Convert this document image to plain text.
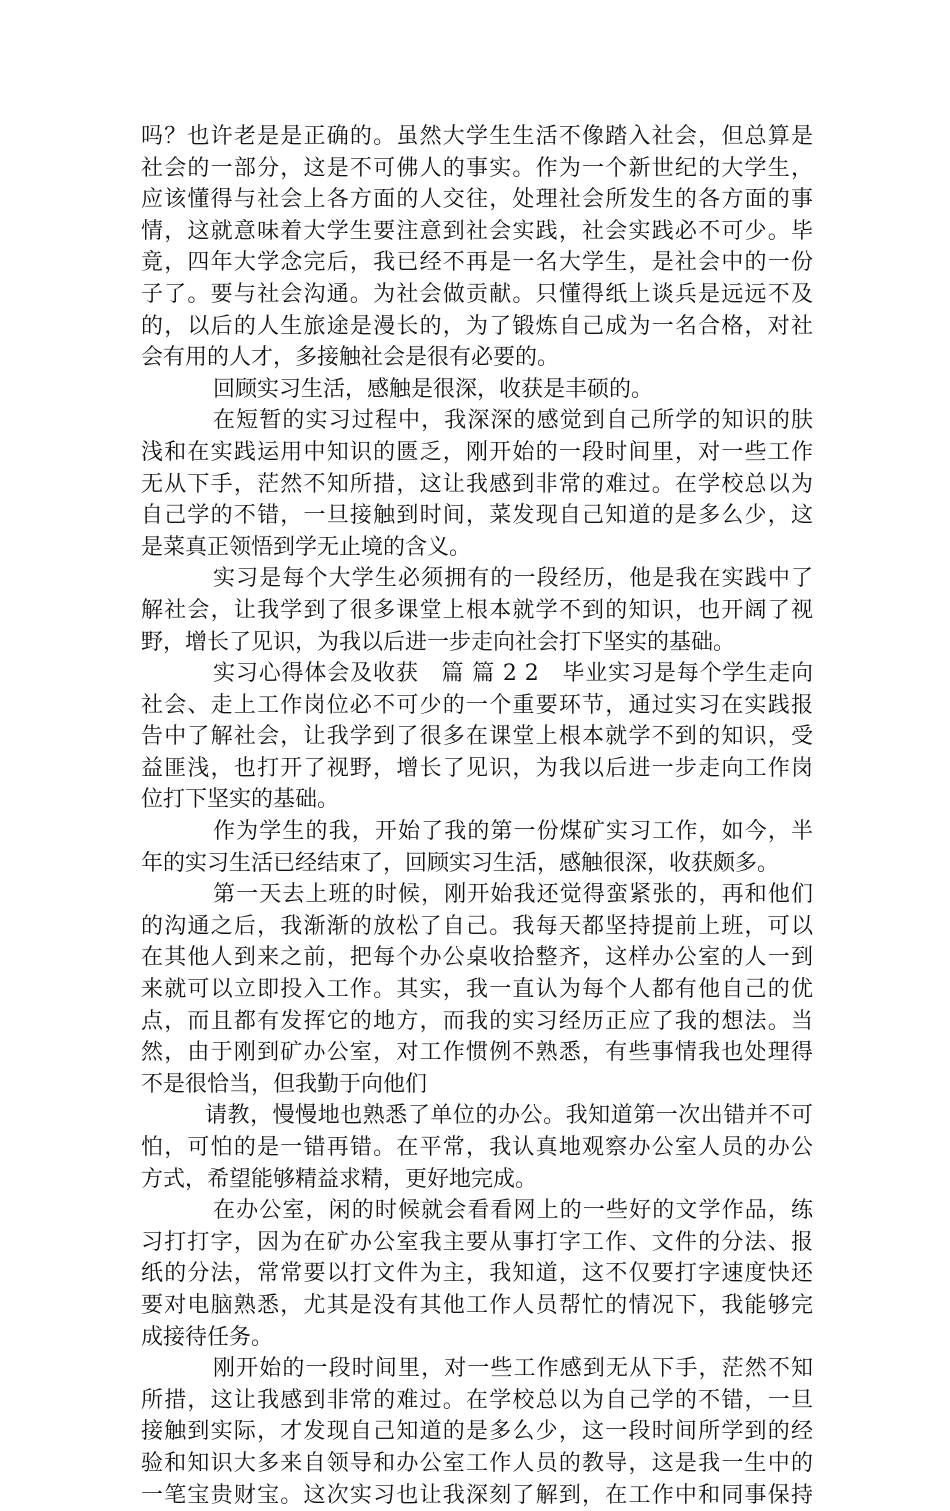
吗？也许老是是正确的。虽然大学生生活不像踏入社会，但总算是
社会的一部分，这是不可佛人的事实。作为一个新世纪的大学生，
应该懂得与社会上各方面的人交往，处理社会所发生的各方面的事
情，这就意味着大学生要注意到社会实践，社会实践必不可少。毕
竟，四年大学念完后，我已经不再是一名大学生，是社会中的一份
子了。要与社会沟通。为社会做贡献。只懂得纸上谈兵是远远不及
的，以后的人生旅途是漫长的，为了锻炼自己成为一名合格，对社
会有用的人才，多接触社会是很有必要的。
回顾实习生活，感触是很深，收获是丰硕的。
在短暂的实习过程中，我深深的感觉到自己所学的知识的肤
浅和在实践运用中知识的匮乏，刚开始的一段时间里，对一些工作
无从下手，茫然不知所措，这让我感到非常的难过。在学校总以为
自己学的不错，一旦接触到时间，菜发现自己知道的是多么少，这
是菜真正领悟到学无止境的含义。
实习是每个大学生必须拥有的一段经历，他是我在实践中了
解社会，让我学到了很多课堂上根本就学不到的知识，也开阔了视
野，增长了见识，为我以后进一步走向社会打下坚实的基础。
实习心得体会及收获　篇 篇 2 2　毕业实习是每个学生走向
社会、走上工作岗位必不可少的一个重要环节，通过实习在实践报
告中了解社会，让我学到了很多在课堂上根本就学不到的知识，受
益匪浅，也打开了视野，增长了见识，为我以后进一步走向工作岗
位打下坚实的基础。
作为学生的我，开始了我的第一份煤矿实习工作，如今，半
年的实习生活已经结束了，回顾实习生活，感触很深，收获颇多。
第一天去上班的时候，刚开始我还觉得蛮紧张的，再和他们
的沟通之后，我渐渐的放松了自己。我每天都坚持提前上班，可以
在其他人到来之前，把每个办公桌收拾整齐，这样办公室的人一到
来就可以立即投入工作。其实，我一直认为每个人都有他自己的优
点，而且都有发挥它的地方，而我的实习经历正应了我的想法。当
然，由于刚到矿办公室，对工作惯例不熟悉，有些事情我也处理得
不是很恰当，但我勤于向他们
请教，慢慢地也熟悉了单位的办公。我知道第一次出错并不可
怕，可怕的是一错再错。在平常，我认真地观察办公室人员的办公
方式，希望能够精益求精，更好地完成。
在办公室，闲的时候就会看看网上的一些好的文学作品，练
习打打字，因为在矿办公室我主要从事打字工作、文件的分法、报
纸的分法，常常要以打文件为主，我知道，这不仅要打字速度快还
要对电脑熟悉，尤其是没有其他工作人员帮忙的情况下，我能够完
成接待任务。
刚开始的一段时间里，对一些工作感到无从下手，茫然不知
所措，这让我感到非常的难过。在学校总以为自己学的不错，一旦
接触到实际，才发现自己知道的是多么少，这一段时间所学到的经
验和知识大多来自领导和办公室工作人员的教导，这是我一生中的
一笔宝贵财宝。这次实习也让我深刻了解到，在工作中和同事保持
